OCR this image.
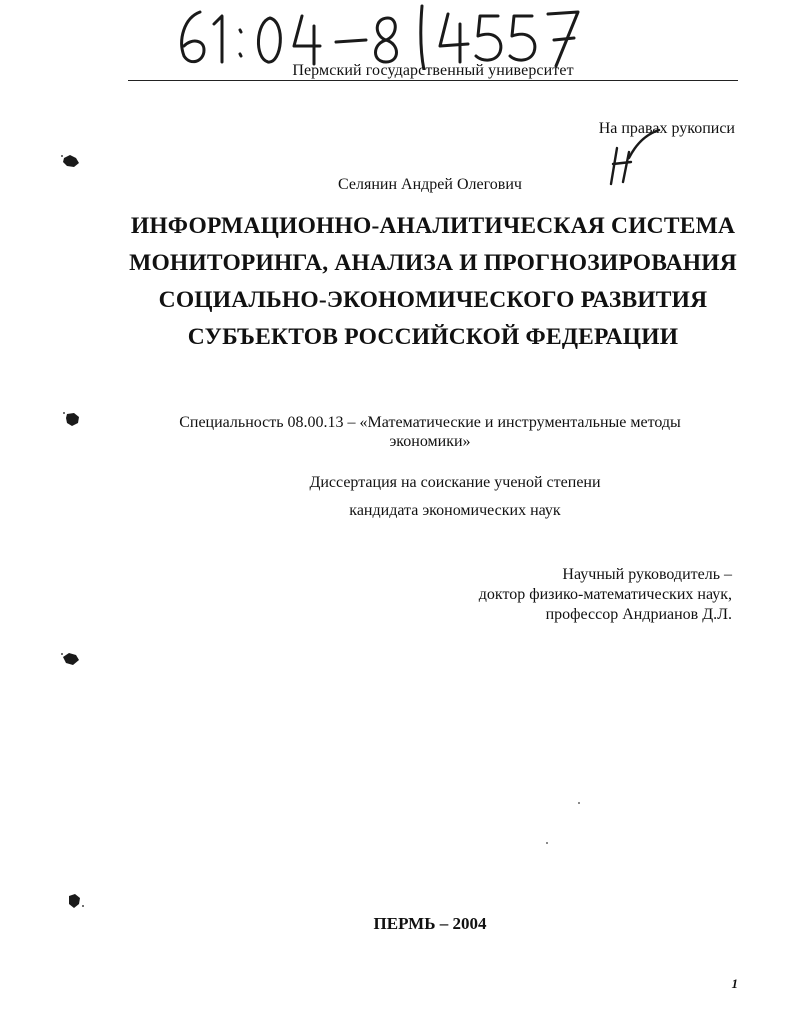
Пермский государственный университет
На правах рукописи
Селянин Андрей Олегович
ИНФОРМАЦИОННО-АНАЛИТИЧЕСКАЯ СИСТЕМА
МОНИТОРИНГА, АНАЛИЗА И ПРОГНОЗИРОВАНИЯ
СОЦИАЛЬНО-ЭКОНОМИЧЕСКОГО РАЗВИТИЯ
СУБЪЕКТОВ РОССИЙСКОЙ ФЕДЕРАЦИИ
Специальность 08.00.13 – «Математические и инструментальные методы
экономики»
Диссертация на соискание ученой степени
кандидата экономических наук
Научный руководитель –
доктор физико-математических наук,
профессор Андрианов Д.Л.
ПЕРМЬ – 2004
1
